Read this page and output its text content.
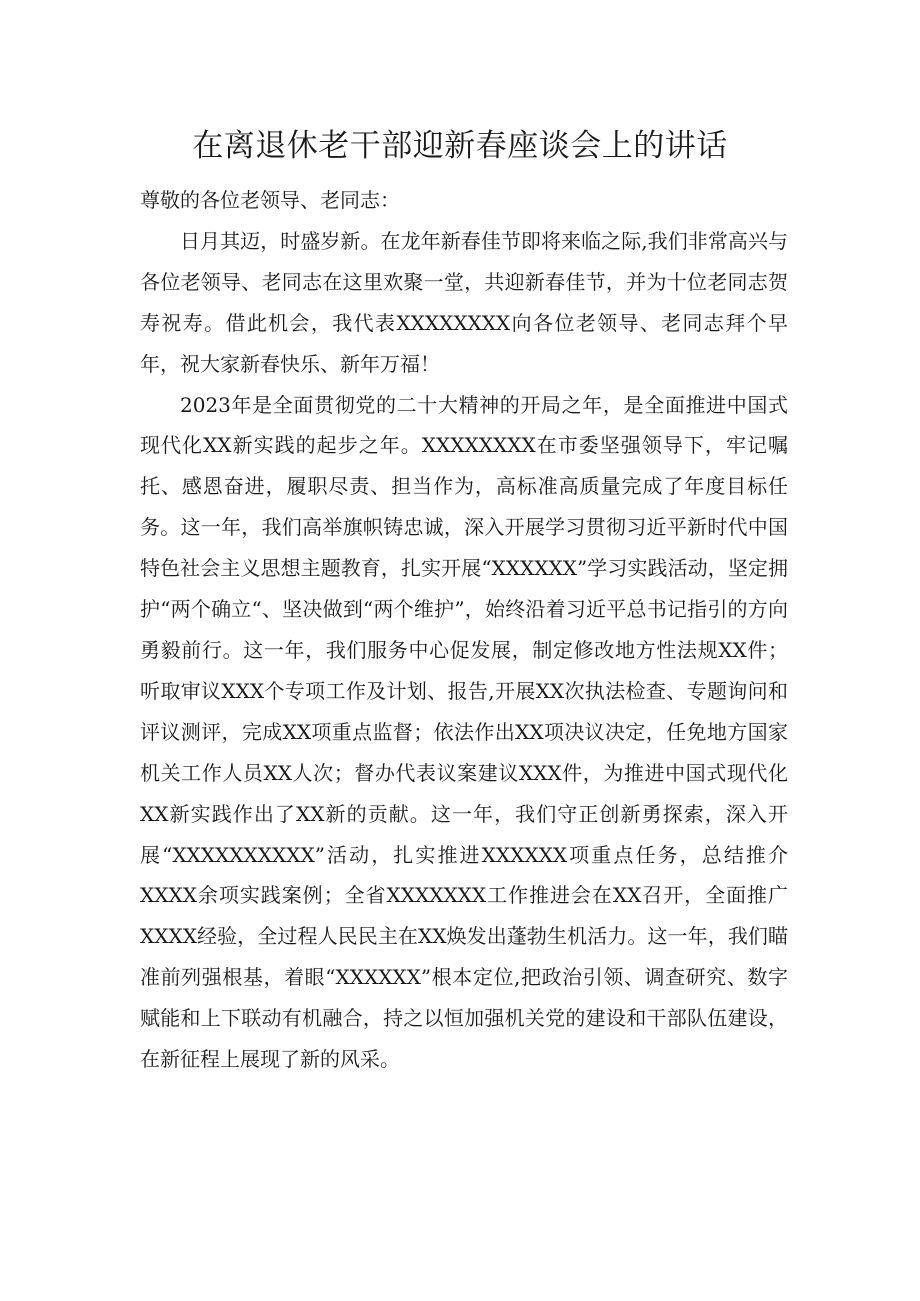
在离退休老干部迎新春座谈会上的讲话

尊敬的各位老领导、老同志：

日月其迈，时盛岁新。在龙年新春佳节即将来临之际,我们非常高兴与各位老领导、老同志在这里欢聚一堂，共迎新春佳节，并为十位老同志贺寿祝寿。借此机会，我代表XXXXXXXX向各位老领导、老同志拜个早年，祝大家新春快乐、新年万福！

2023年是全面贯彻党的二十大精神的开局之年，是全面推进中国式现代化XX新实践的起步之年。XXXXXXXX在市委坚强领导下，牢记嘱托、感恩奋进，履职尽责、担当作为，高标准高质量完成了年度目标任务。这一年，我们高举旗帜铸忠诚，深入开展学习贯彻习近平新时代中国特色社会主义思想主题教育，扎实开展“XXXXXX”学习实践活动，坚定拥护“两个确立“、坚决做到“两个维护”，始终沿着习近平总书记指引的方向勇毅前行。这一年，我们服务中心促发展，制定修改地方性法规XX件；听取审议XXX个专项工作及计划、报告,开展XX次执法检查、专题询问和评议测评，完成XX项重点监督；依法作出XX项决议决定，任免地方国家机关工作人员XX人次；督办代表议案建议XXX件，为推进中国式现代化XX新实践作出了XX新的贡献。这一年，我们守正创新勇探索，深入开展“XXXXXXXXXX”活动，扎实推进XXXXXX项重点任务，总结推介XXXX余项实践案例；全省XXXXXXX工作推进会在XX召开，全面推广XXXX经验，全过程人民民主在XX焕发出蓬勃生机活力。这一年，我们瞄准前列强根基，着眼“XXXXXX”根本定位,把政治引领、调查研究、数字赋能和上下联动有机融合，持之以恒加强机关党的建设和干部队伍建设，在新征程上展现了新的风采。
